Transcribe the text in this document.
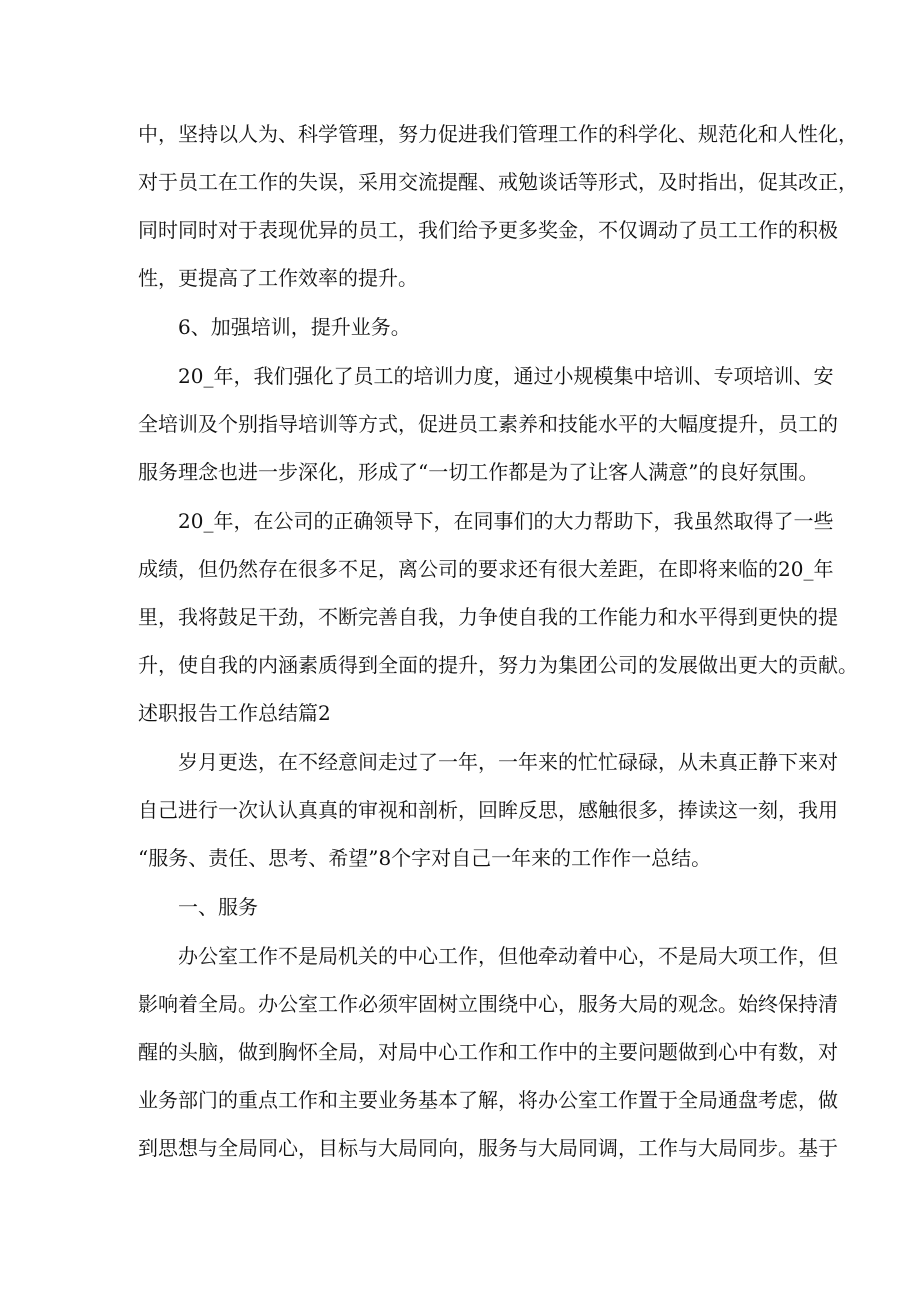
中，坚持以人为、科学管理，努力促进我们管理工作的科学化、规范化和人性化，
对于员工在工作的失误，采用交流提醒、戒勉谈话等形式，及时指出，促其改正，
同时同时对于表现优异的员工，我们给予更多奖金，不仅调动了员工工作的积极
性，更提高了工作效率的提升。
6、加强培训，提升业务。
20_年，我们强化了员工的培训力度，通过小规模集中培训、专项培训、安
全培训及个别指导培训等方式，促进员工素养和技能水平的大幅度提升，员工的
服务理念也进一步深化，形成了“一切工作都是为了让客人满意”的良好氛围。
20_年，在公司的正确领导下，在同事们的大力帮助下，我虽然取得了一些
成绩，但仍然存在很多不足，离公司的要求还有很大差距，在即将来临的20_年
里，我将鼓足干劲，不断完善自我，力争使自我的工作能力和水平得到更快的提
升，使自我的内涵素质得到全面的提升，努力为集团公司的发展做出更大的贡献。
述职报告工作总结篇2
岁月更迭，在不经意间走过了一年，一年来的忙忙碌碌，从未真正静下来对
自己进行一次认认真真的审视和剖析，回眸反思，感触很多，捧读这一刻，我用
“服务、责任、思考、希望”8个字对自己一年来的工作作一总结。
一、服务
办公室工作不是局机关的中心工作，但他牵动着中心，不是局大项工作，但
影响着全局。办公室工作必须牢固树立围绕中心，服务大局的观念。始终保持清
醒的头脑，做到胸怀全局，对局中心工作和工作中的主要问题做到心中有数，对
业务部门的重点工作和主要业务基本了解，将办公室工作置于全局通盘考虑，做
到思想与全局同心，目标与大局同向，服务与大局同调，工作与大局同步。基于
